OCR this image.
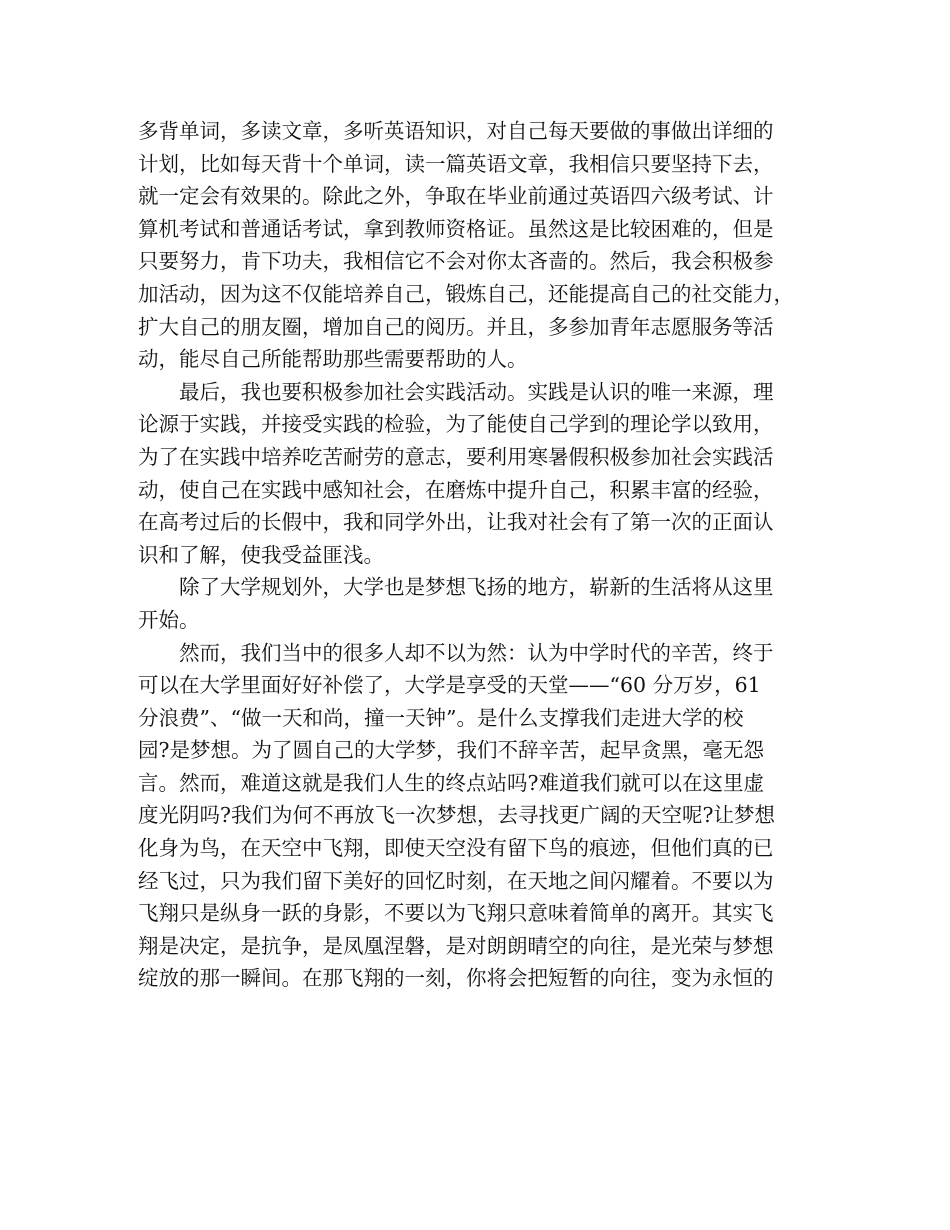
多背单词，多读文章，多听英语知识，对自己每天要做的事做出详细的
计划，比如每天背十个单词，读一篇英语文章，我相信只要坚持下去，
就一定会有效果的。除此之外，争取在毕业前通过英语四六级考试、计
算机考试和普通话考试，拿到教师资格证。虽然这是比较困难的，但是
只要努力，肯下功夫，我相信它不会对你太吝啬的。然后，我会积极参
加活动，因为这不仅能培养自己，锻炼自己，还能提高自己的社交能力，
扩大自己的朋友圈，增加自己的阅历。并且，多参加青年志愿服务等活
动，能尽自己所能帮助那些需要帮助的人。
最后，我也要积极参加社会实践活动。实践是认识的唯一来源，理
论源于实践，并接受实践的检验，为了能使自己学到的理论学以致用，
为了在实践中培养吃苦耐劳的意志，要利用寒暑假积极参加社会实践活
动，使自己在实践中感知社会，在磨炼中提升自己，积累丰富的经验，
在高考过后的长假中，我和同学外出，让我对社会有了第一次的正面认
识和了解，使我受益匪浅。
除了大学规划外，大学也是梦想飞扬的地方，崭新的生活将从这里
开始。
然而，我们当中的很多人却不以为然：认为中学时代的辛苦，终于
可以在大学里面好好补偿了，大学是享受的天堂——“60 分万岁，61
分浪费”、“做一天和尚，撞一天钟”。是什么支撑我们走进大学的校
园?是梦想。为了圆自己的大学梦，我们不辞辛苦，起早贪黑，毫无怨
言。然而，难道这就是我们人生的终点站吗?难道我们就可以在这里虚
度光阴吗?我们为何不再放飞一次梦想，去寻找更广阔的天空呢?让梦想
化身为鸟，在天空中飞翔，即使天空没有留下鸟的痕迹，但他们真的已
经飞过，只为我们留下美好的回忆时刻，在天地之间闪耀着。不要以为
飞翔只是纵身一跃的身影，不要以为飞翔只意味着简单的离开。其实飞
翔是决定，是抗争，是凤凰涅磐，是对朗朗晴空的向往，是光荣与梦想
绽放的那一瞬间。在那飞翔的一刻，你将会把短暂的向往，变为永恒的
